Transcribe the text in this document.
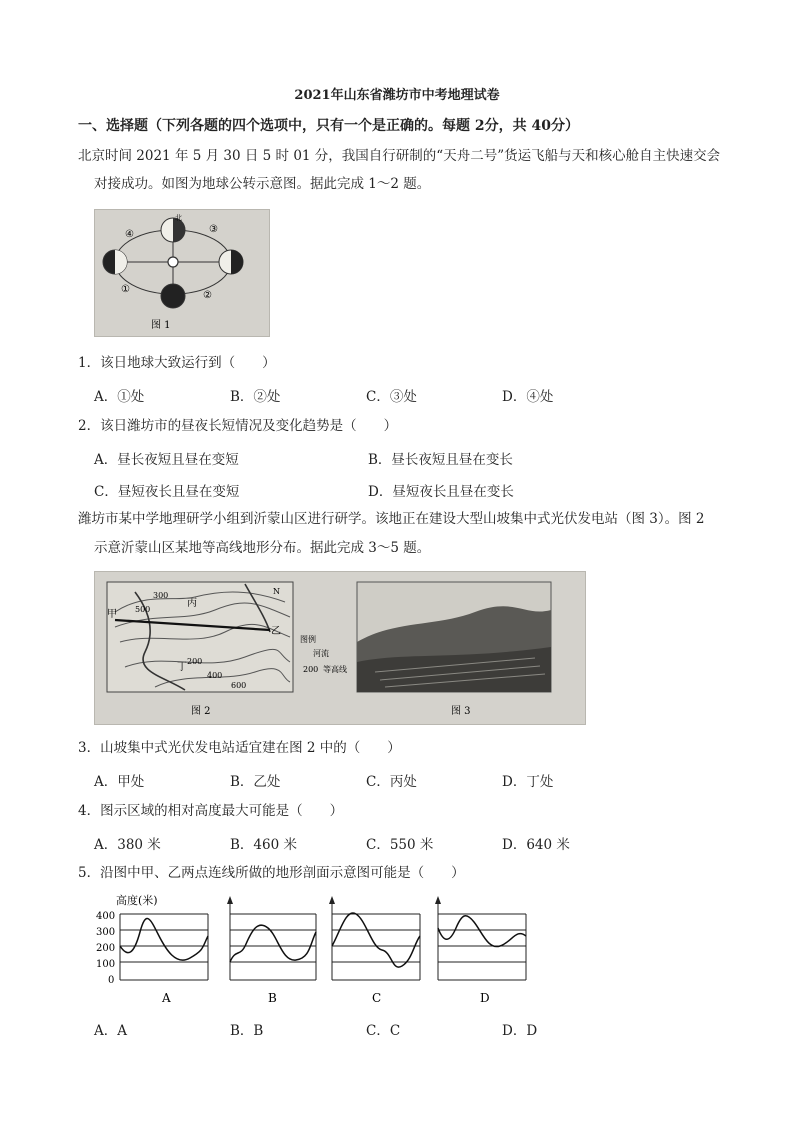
2021年山东省潍坊市中考地理试卷
一、选择题（下列各题的四个选项中，只有一个是正确的。每题 2分，共 40分）
北京时间 2021 年 5 月 30 日 5 时 01 分，我国自行研制的“天舟二号”货运飞船与天和核心舱自主快速交会
对接成功。如图为地球公转示意图。据此完成 1～2 题。
④	③
①
②
北
图 1
1．该日地球大致运行到（　　）
A．①处	B．②处	C．③处	D．④处
2．该日潍坊市的昼夜长短情况及变化趋势是（　　）
A．昼长夜短且昼在变短	B．昼长夜短且昼在变长
C．昼短夜长且昼在变短	D．昼短夜长且昼在变长
潍坊市某中学地理研学小组到沂蒙山区进行研学。该地正在建设大型山坡集中式光伏发电站（图 3）。图 2
示意沂蒙山区某地等高线地形分布。据此完成 3～5 题。
甲
乙
丙
丁
300
500
200
400
600
N
图例
河流
200 等高线
图 2	图 3
3．山坡集中式光伏发电站适宜建在图 2 中的（　　）
A．甲处	B．乙处	C．丙处	D．丁处
4．图示区域的相对高度最大可能是（　　）
A．380 米	B．460 米	C．550 米	D．640 米
5．沿图中甲、乙两点连线所做的地形剖面示意图可能是（　　）
高度(米)
400
300
200
100
0
A	B	C	D
A．A	B．B	C．C	D．D
